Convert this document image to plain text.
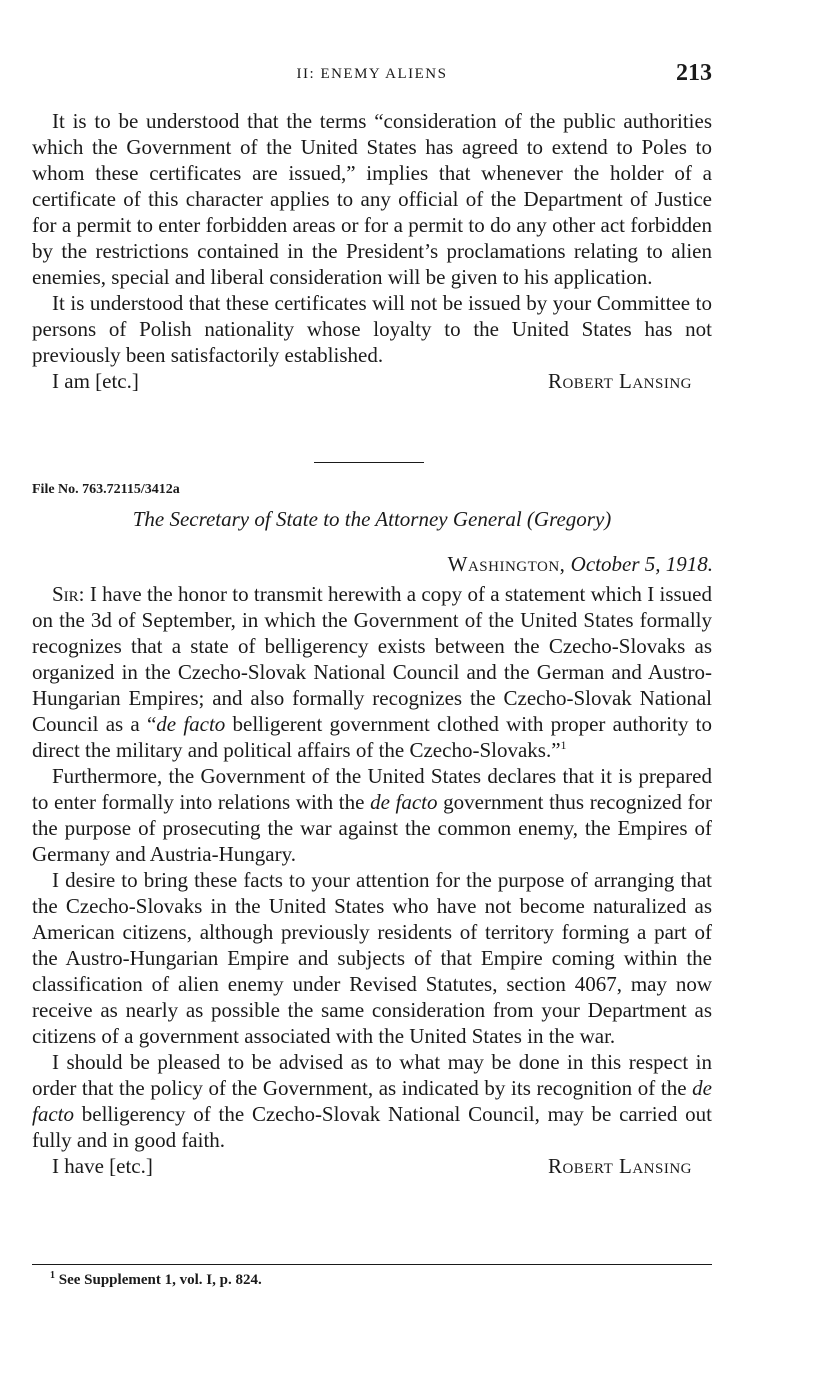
II: ENEMY ALIENS	213

It is to be understood that the terms “consideration of the public authorities which the Government of the United States has agreed to extend to Poles to whom these certificates are issued,” implies that whenever the holder of a certificate of this character applies to any official of the Department of Justice for a permit to enter forbidden areas or for a permit to do any other act forbidden by the restrictions contained in the President’s proclamations relating to alien enemies, special and liberal consideration will be given to his application.

It is understood that these certificates will not be issued by your Committee to persons of Polish nationality whose loyalty to the United States has not previously been satisfactorily established.

I am [etc.]	Robert Lansing
File No. 763.72115/3412a
The Secretary of State to the Attorney General (Gregory)
Washington, October 5, 1918.

Sir: I have the honor to transmit herewith a copy of a statement which I issued on the 3d of September, in which the Government of the United States formally recognizes that a state of belligerency exists between the Czecho-Slovaks as organized in the Czecho-Slovak National Council and the German and Austro-Hungarian Empires; and also formally recognizes the Czecho-Slovak National Council as a “de facto belligerent government clothed with proper authority to direct the military and political affairs of the Czecho-Slovaks.”$^1$

Furthermore, the Government of the United States declares that it is prepared to enter formally into relations with the de facto government thus recognized for the purpose of prosecuting the war against the common enemy, the Empires of Germany and Austria-Hungary.

I desire to bring these facts to your attention for the purpose of arranging that the Czecho-Slovaks in the United States who have not become naturalized as American citizens, although previously residents of territory forming a part of the Austro-Hungarian Empire and subjects of that Empire coming within the classification of alien enemy under Revised Statutes, section 4067, may now receive as nearly as possible the same consideration from your Department as citizens of a government associated with the United States in the war.

I should be pleased to be advised as to what may be done in this respect in order that the policy of the Government, as indicated by its recognition of the de facto belligerency of the Czecho-Slovak National Council, may be carried out fully and in good faith.

I have [etc.]	Robert Lansing
$^1$ See Supplement 1, vol. I, p. 824.
